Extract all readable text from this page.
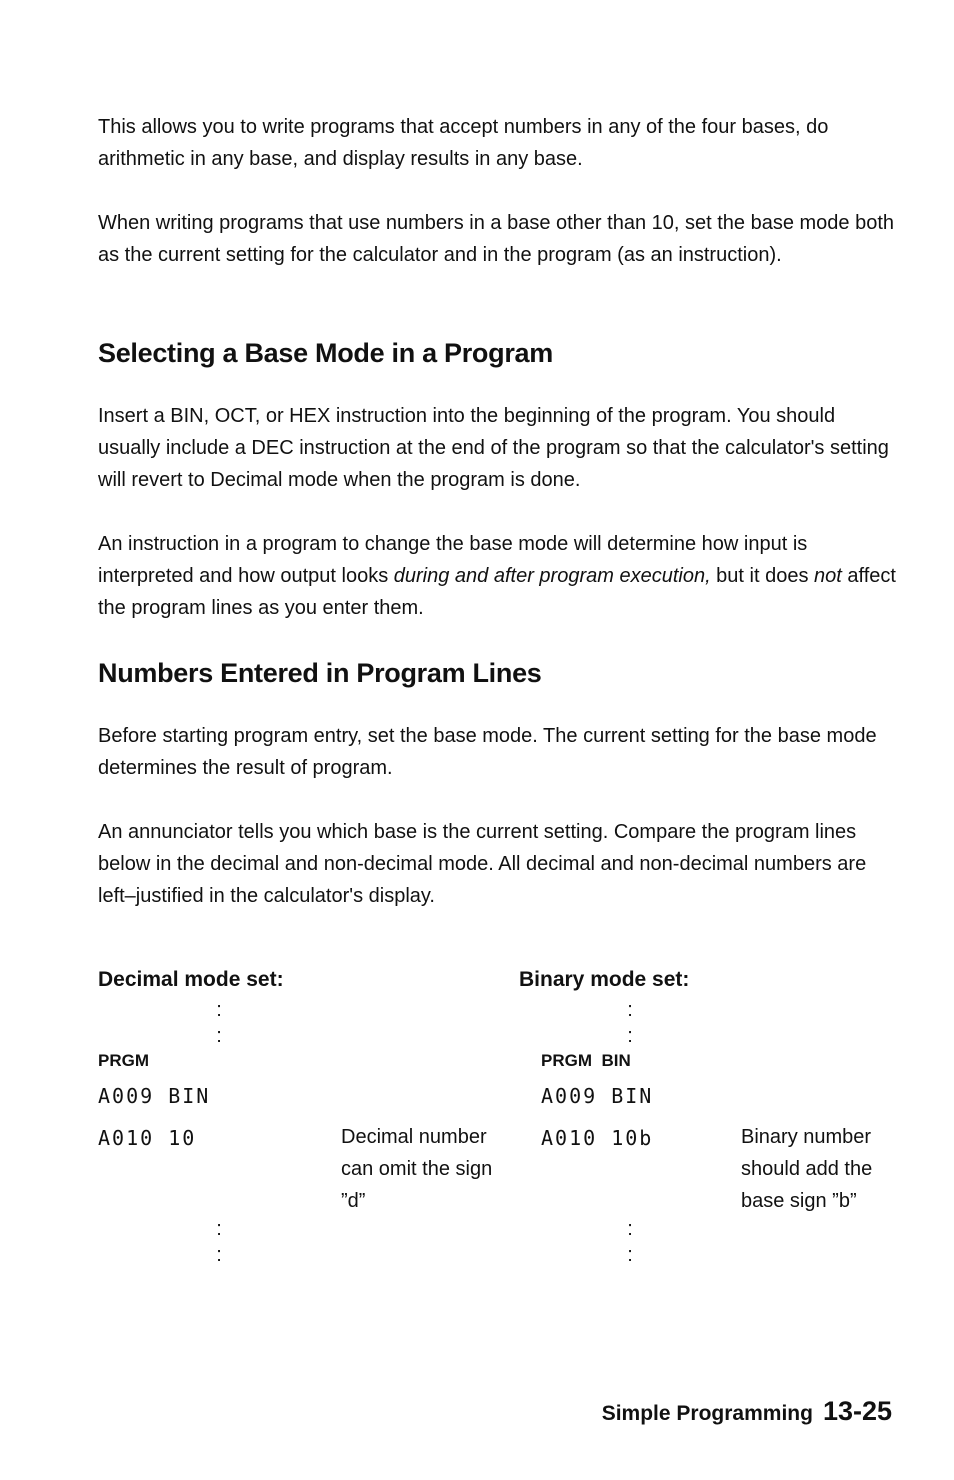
This allows you to write programs that accept numbers in any of the four bases, do arithmetic in any base, and display results in any base.

When writing programs that use numbers in a base other than 10, set the base mode both as the current setting for the calculator and in the program (as an instruction).

Selecting a Base Mode in a Program

Insert a BIN, OCT, or HEX instruction into the beginning of the program. You should usually include a DEC instruction at the end of the program so that the calculator's setting will revert to Decimal mode when the program is done.

An instruction in a program to change the base mode will determine how input is interpreted and how output looks during and after program execution, but it does not affect the program lines as you enter them.

Numbers Entered in Program Lines

Before starting program entry, set the base mode. The current setting for the base mode determines the result of program.

An annunciator tells you which base is the current setting. Compare the program lines below in the decimal and non-decimal mode. All decimal and non-decimal numbers are left–justified in the calculator's display.

Decimal mode set:
:
:
PRGM
A009 BIN
A010 10	Decimal number can omit the sign ”d”
:
:
Binary mode set:
:
:
PRGM  BIN
A009 BIN
A010 10b	Binary number should add the base sign ”b”
:
:
Simple Programming 13-25
